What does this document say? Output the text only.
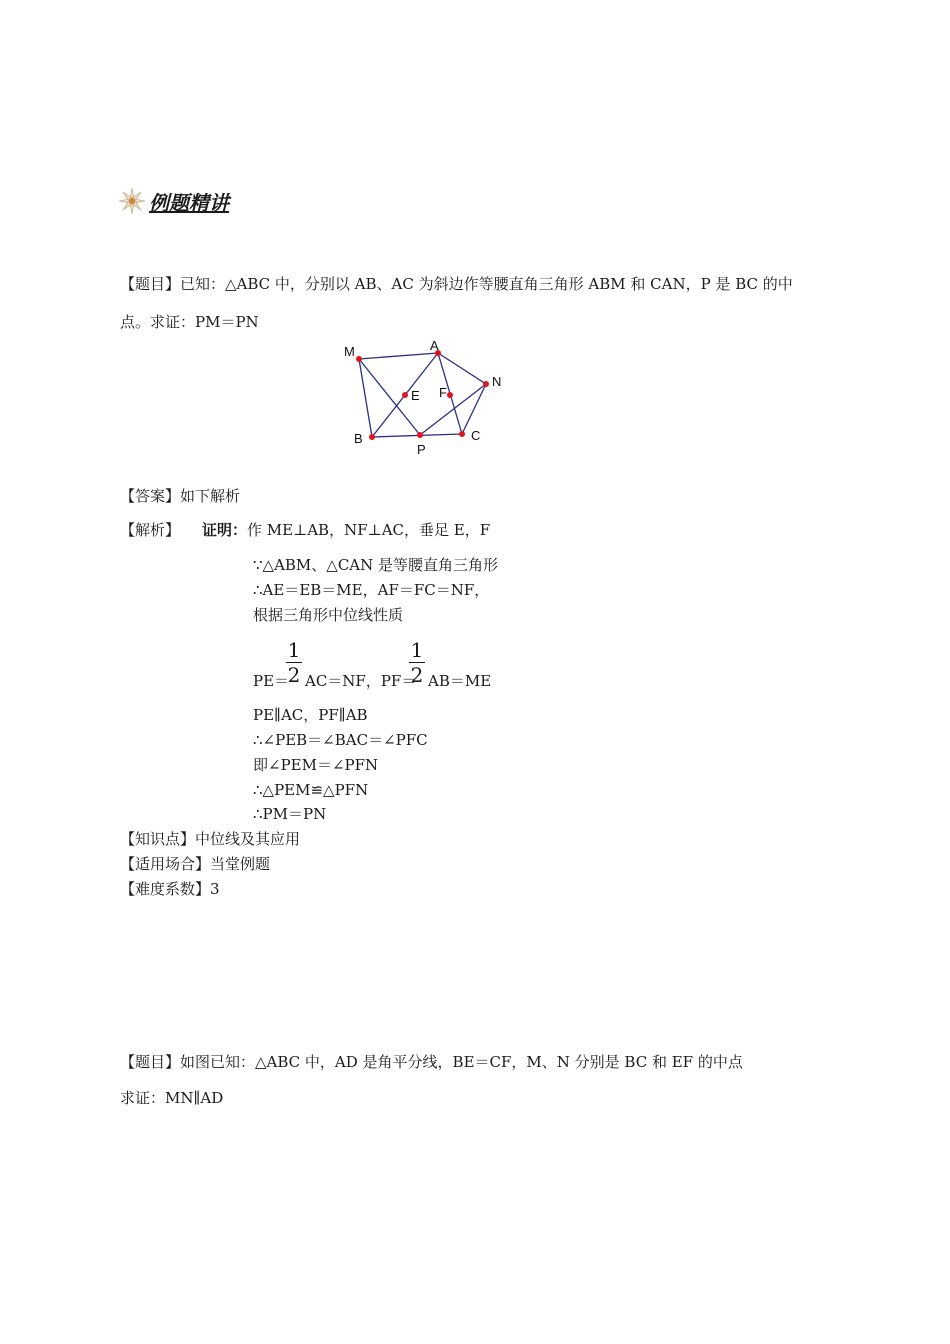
例题精讲
【题目】已知：△ABC 中，分别以 AB、AC 为斜边作等腰直角三角形 ABM 和 CAN，P 是 BC 的中
点。求证：PM＝PN
M	A
N
E F
B
P
C
【答案】如下解析
【解析】 证明：作 ME⊥AB，NF⊥AC，垂足 E，F
∵△ABM、△CAN 是等腰直角三角形
∴AE＝EB＝ME，AF＝FC＝NF，
根据三角形中位线性质
PE＝
1
2 AC＝NF，PF＝
1
2 AB＝ME
PE∥AC，PF∥AB
∴∠PEB＝∠BAC＝∠PFC
即∠PEM＝∠PFN
∴△PEM≌△PFN
∴PM＝PN
【知识点】中位线及其应用
【适用场合】当堂例题
【难度系数】3
【题目】如图已知：△ABC 中，AD 是角平分线，BE＝CF，M、N 分别是 BC 和 EF 的中点
求证：MN∥AD
